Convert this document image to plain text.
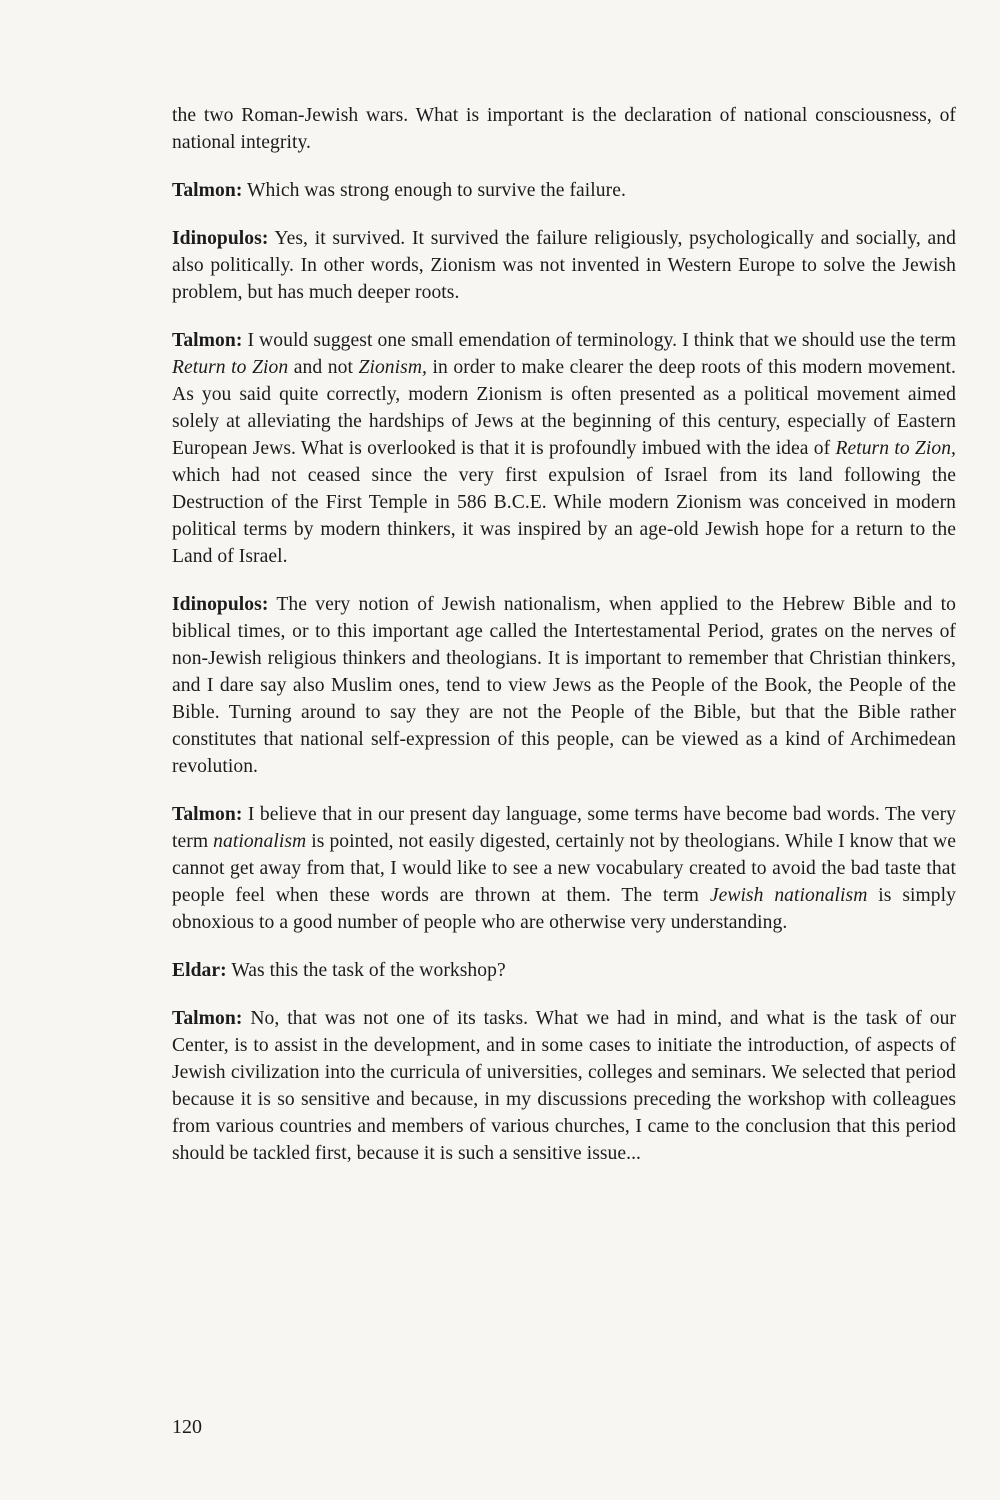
the two Roman-Jewish wars. What is important is the declaration of national consciousness, of national integrity.

Talmon: Which was strong enough to survive the failure.

Idinopulos: Yes, it survived. It survived the failure religiously, psychologically and socially, and also politically. In other words, Zionism was not invented in Western Europe to solve the Jewish problem, but has much deeper roots.

Talmon: I would suggest one small emendation of terminology. I think that we should use the term Return to Zion and not Zionism, in order to make clearer the deep roots of this modern movement. As you said quite correctly, modern Zionism is often presented as a political movement aimed solely at alleviating the hardships of Jews at the beginning of this century, especially of Eastern European Jews. What is overlooked is that it is profoundly imbued with the idea of Return to Zion, which had not ceased since the very first expulsion of Israel from its land following the Destruction of the First Temple in 586 B.C.E. While modern Zionism was conceived in modern political terms by modern thinkers, it was inspired by an age-old Jewish hope for a return to the Land of Israel.

Idinopulos: The very notion of Jewish nationalism, when applied to the Hebrew Bible and to biblical times, or to this important age called the Intertestamental Period, grates on the nerves of non-Jewish religious thinkers and theologians. It is important to remember that Christian thinkers, and I dare say also Muslim ones, tend to view Jews as the People of the Book, the People of the Bible. Turning around to say they are not the People of the Bible, but that the Bible rather constitutes that national self-expression of this people, can be viewed as a kind of Archimedean revolution.

Talmon: I believe that in our present day language, some terms have become bad words. The very term nationalism is pointed, not easily digested, certainly not by theologians. While I know that we cannot get away from that, I would like to see a new vocabulary created to avoid the bad taste that people feel when these words are thrown at them. The term Jewish nationalism is simply obnoxious to a good number of people who are otherwise very understanding.

Eldar: Was this the task of the workshop?

Talmon: No, that was not one of its tasks. What we had in mind, and what is the task of our Center, is to assist in the development, and in some cases to initiate the introduction, of aspects of Jewish civilization into the curricula of universities, colleges and seminars. We selected that period because it is so sensitive and because, in my discussions preceding the workshop with colleagues from various countries and members of various churches, I came to the conclusion that this period should be tackled first, because it is such a sensitive issue...

120
